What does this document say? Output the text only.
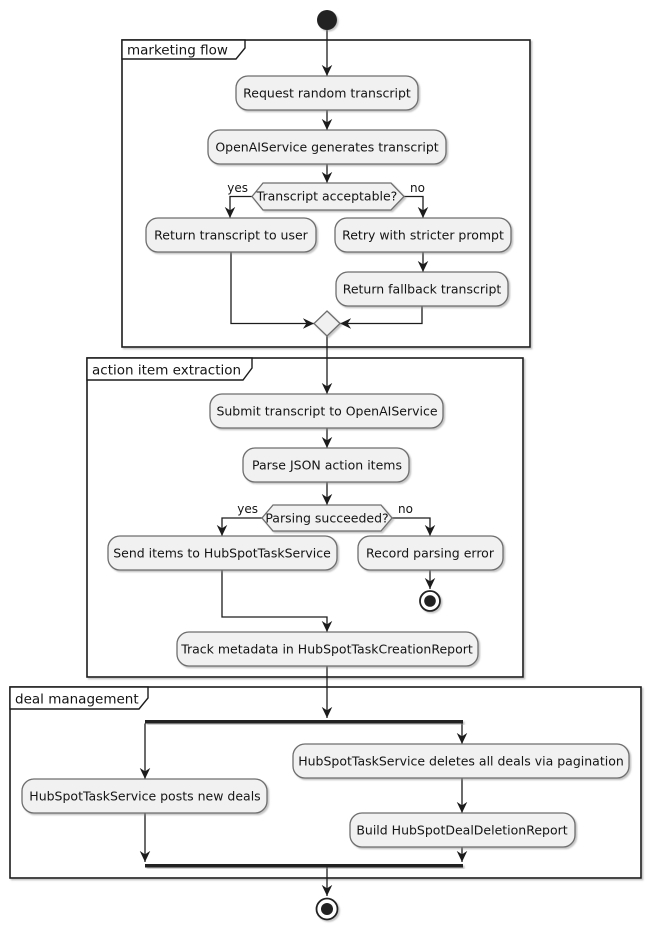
marketing flow
action item extraction
deal management
Request random transcript
OpenAIService generates transcript
Transcript acceptable?
yes	no
Return transcript to user	Retry with stricter prompt
Return fallback transcript
Submit transcript to OpenAIService
Parse JSON action items
Parsing succeeded?
yes	no
Send items to HubSpotTaskService	Record parsing error
Track metadata in HubSpotTaskCreationReport
HubSpotTaskService posts new deals
HubSpotTaskService deletes all deals via pagination
Build HubSpotDealDeletionReport
